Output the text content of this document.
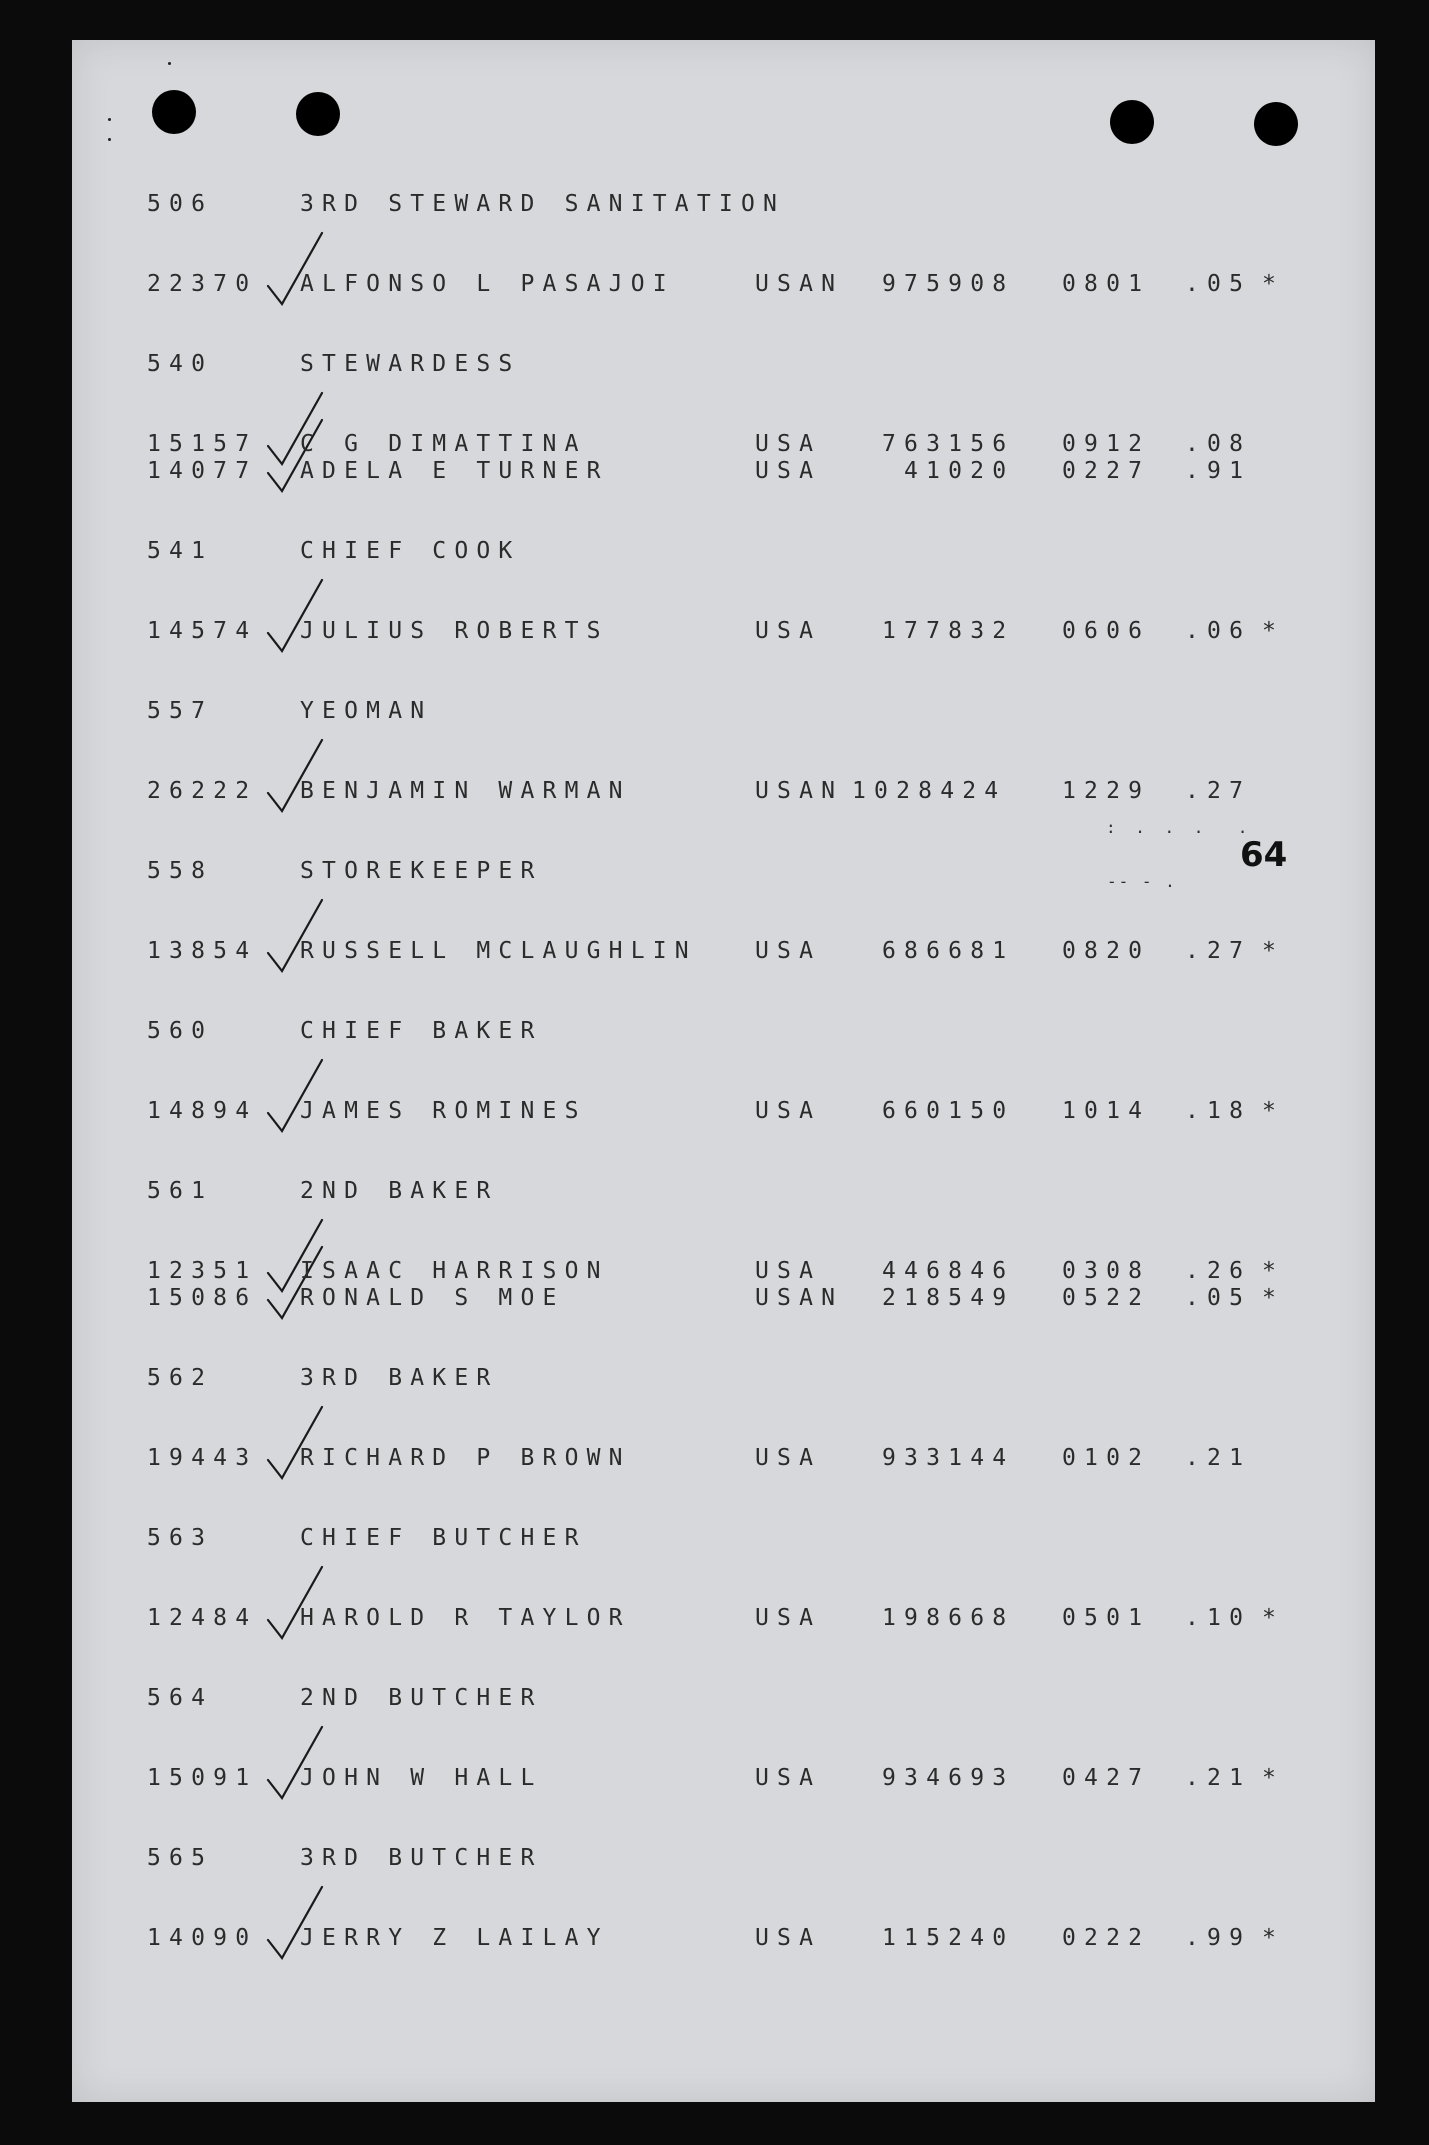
64
: . . .  .
-- - .
506	3RD STEWARD SANITATION
22370 ALFONSO L PASAJOI	USAN 975908 0801 .05 *
540	STEWARDESS
15157 C G DIMATTINA	USA	763156 0912 .08
14077 ADELA E TURNER	USA	41020 0227 .91
541	CHIEF COOK
14574 JULIUS ROBERTS	USA	177832 0606 .06 *
557	YEOMAN
26222 BENJAMIN WARMAN	USAN 1028424 1229 .27
558	STOREKEEPER
13854 RUSSELL MCLAUGHLIN	USA	686681 0820 .27 *
560	CHIEF BAKER
14894 JAMES ROMINES	USA	660150 1014 .18 *
561	2ND BAKER
12351 ISAAC HARRISON	USA	446846 0308 .26 *
15086 RONALD S MOE	USAN 218549 0522 .05 *
562	3RD BAKER
19443 RICHARD P BROWN	USA	933144 0102 .21
563	CHIEF BUTCHER
12484 HAROLD R TAYLOR	USA	198668 0501 .10 *
564	2ND BUTCHER
15091 JOHN W HALL	USA	934693 0427 .21 *
565	3RD BUTCHER
14090 JERRY Z LAILAY	USA	115240 0222 .99 *
